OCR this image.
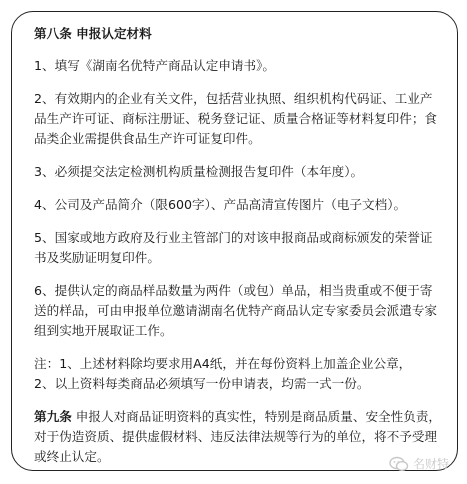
第八条 申报认定材料

1、填写《湖南名优特产商品认定申请书》。

2、有效期内的企业有关文件，包括营业执照、组织机构代码证、工业产品生产许可证、商标注册证、税务登记证、质量合格证等材料复印件；食品类企业需提供食品生产许可证复印件。

3、必须提交法定检测机构质量检测报告复印件（本年度）。

4、公司及产品简介（限600字）、产品高清宣传图片（电子文档）。

5、国家或地方政府及行业主管部门的对该申报商品或商标颁发的荣誉证书及奖励证明复印件。

6、提供认定的商品样品数量为两件（或包）单品，相当贵重或不便于寄送的样品，可由申报单位邀请湖南名优特产商品认定专家委员会派遣专家组到实地开展取证工作。

注：1、上述材料除均要求用A4纸，并在每份资料上加盖企业公章，

2、以上资料每类商品必须填写一份申请表，均需一式一份。

第九条 申报人对商品证明资料的真实性，特别是商品质量、安全性负责，对于伪造资质、提供虚假材料、违反法律法规等行为的单位，将不予受理或终止认定。	名财特
